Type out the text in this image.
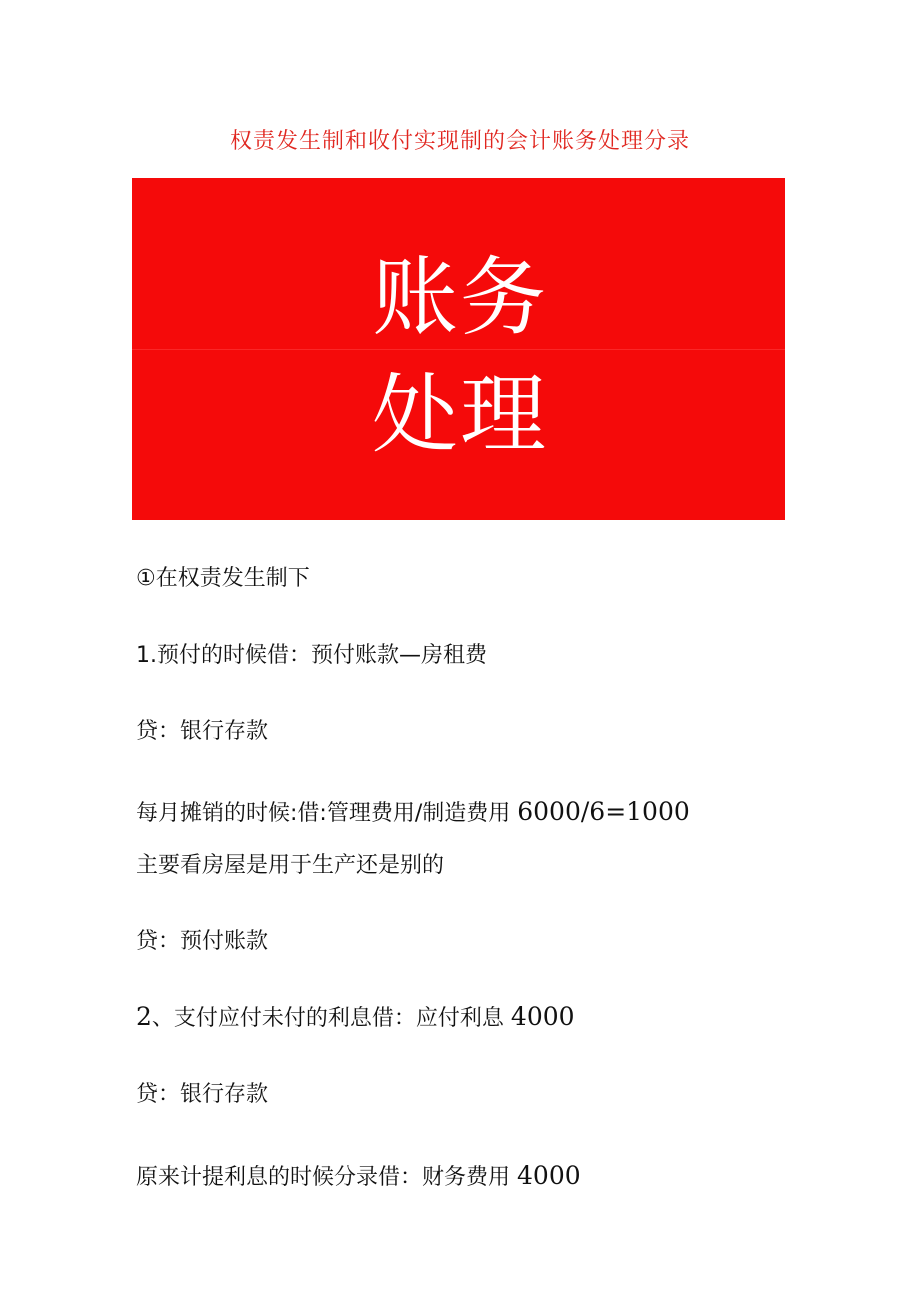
权责发生制和收付实现制的会计账务处理分录
账务
处理
①在权责发生制下
1.预付的时候借：预付账款—房租费
贷：银行存款
每月摊销的时候:借:管理费用/制造费用 6000/6=1000
主要看房屋是用于生产还是别的
贷：预付账款
2、支付应付未付的利息借：应付利息 4000
贷：银行存款
原来计提利息的时候分录借：财务费用 4000
